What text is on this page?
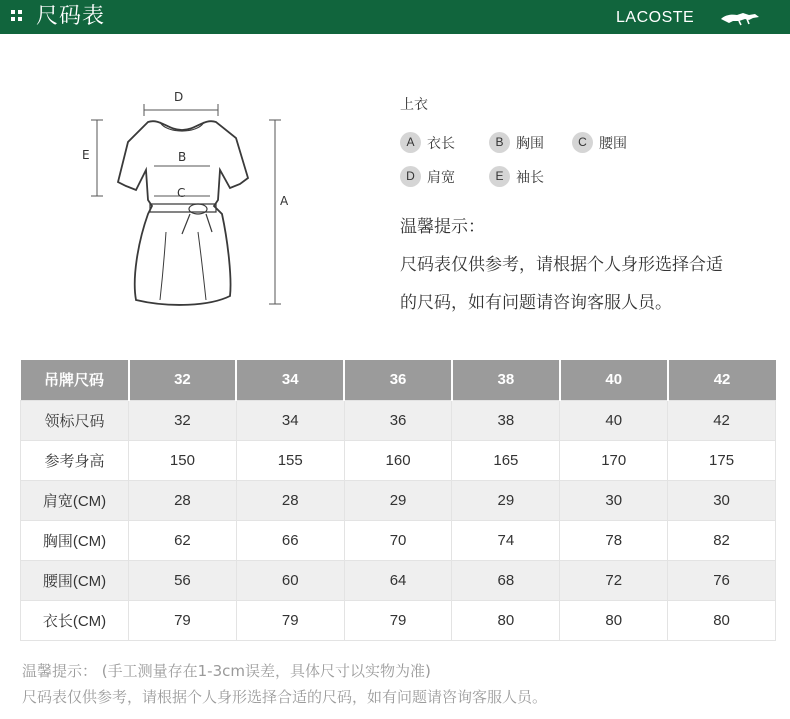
尺码表	LACOSTE
D
E	B
C
A
上衣
A 衣长	B 胸围	C 腰围
D 肩宽	E 袖长
温馨提示：
尺码表仅供参考，请根据个人身形选择合适
的尺码，如有问题请咨询客服人员。
吊牌尺码	32	34	36	38	40	42
领标尺码	32	34	36	38	40	42
参考身高	150	155	160	165	170	175
肩宽(CM)	28	28	29	29	30	30
胸围(CM)	62	66	70	74	78	82
腰围(CM)	56	60	64	68	72	76
衣长(CM)	79	79	79	80	80	80
温馨提示： (手工测量存在1-3cm误差，具体尺寸以实物为准)
尺码表仅供参考，请根据个人身形选择合适的尺码，如有问题请咨询客服人员。
